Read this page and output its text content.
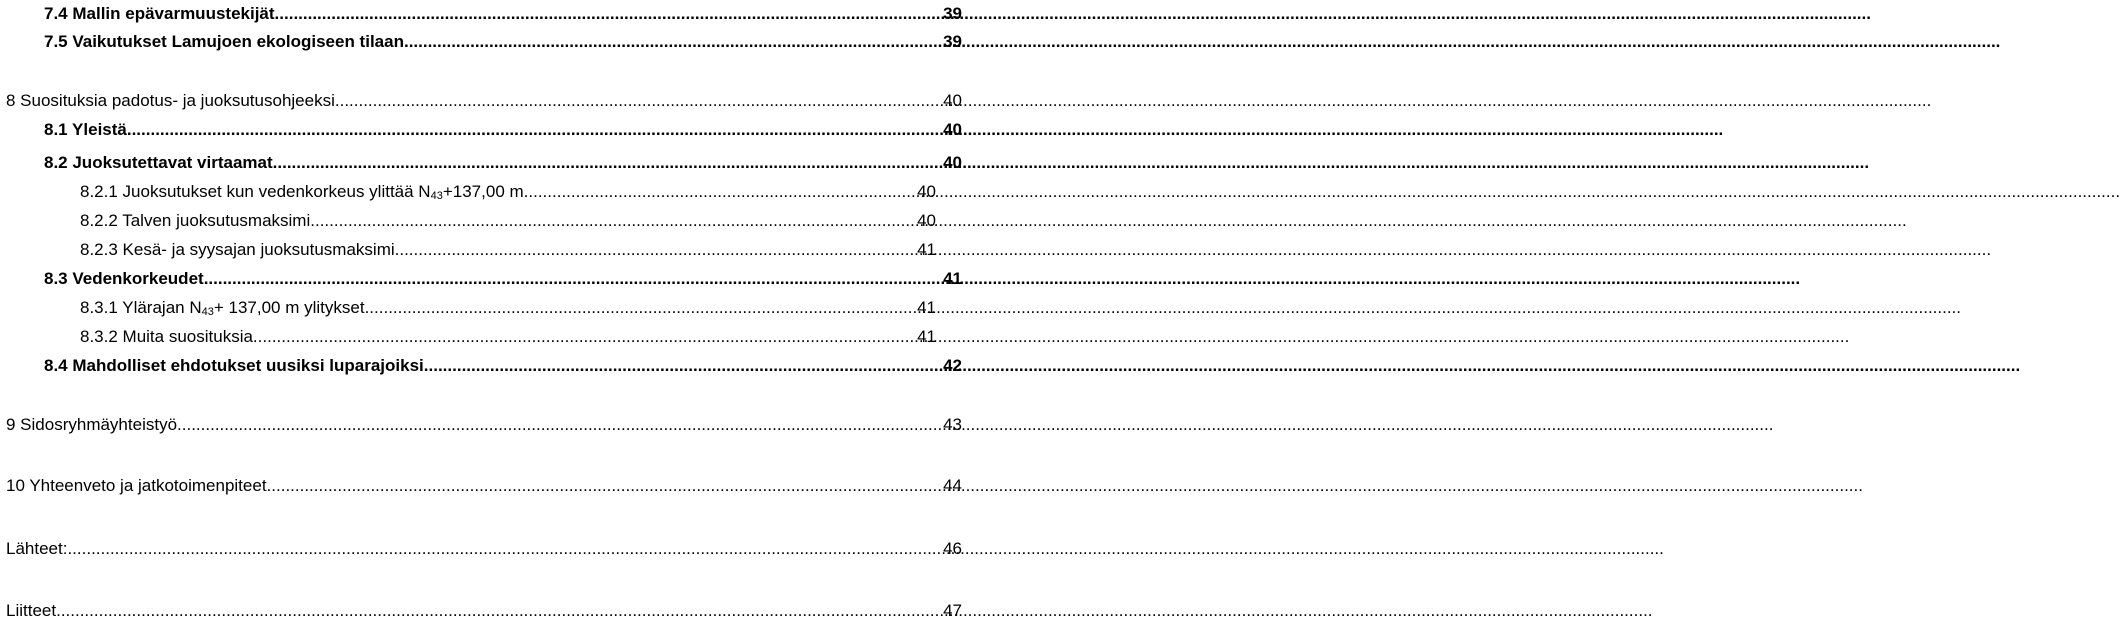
7.4 Mallin epävarmuustekijät .....	39
7.5 Vaikutukset Lamujoen ekologiseen tilaan .....	39
8 Suosituksia padotus- ja juoksutusohjeeksi .....	40
8.1 Yleistä .....	40
8.2 Juoksutettavat virtaamat .....	40
8.2.1 Juoksutukset kun vedenkorkeus ylittää $N_{43}+137,00$ m .....	40
8.2.2 Talven juoksutusmaksimi .....	40
8.2.3 Kesä- ja syysajan juoksutusmaksimi .....	41
8.3 Vedenkorkeudet .....	41
8.3.1 Ylärajan $N_{43}+ 137,00$ m ylitykset .....	41
8.3.2 Muita suosituksia .....	41
8.4 Mahdolliset ehdotukset uusiksi luparajoiksi .....	42
9 Sidosryhmäyhteistyö .....	43
10 Yhteenveto ja jatkotoimenpiteet .....	44
Lähteet: .....	46
Liitteet .....	47
